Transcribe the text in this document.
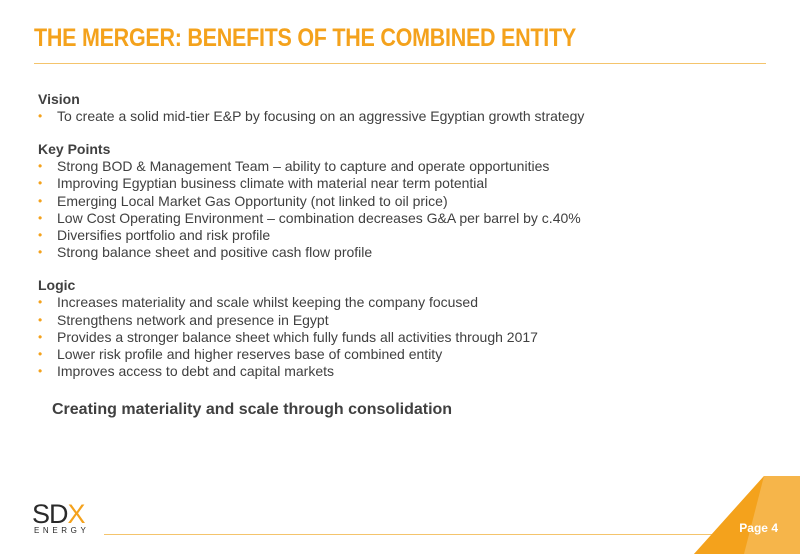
THE MERGER: BENEFITS OF THE COMBINED ENTITY
Vision
• To create a solid mid-tier E&P by focusing on an aggressive Egyptian growth strategy
Key Points
• Strong BOD & Management Team – ability to capture and operate opportunities
• Improving Egyptian business climate with material near term potential
• Emerging Local Market Gas Opportunity (not linked to oil price)
• Low Cost Operating Environment – combination decreases G&A per barrel by c.40%
• Diversifies portfolio and risk profile
• Strong balance sheet and positive cash flow profile
Logic
• Increases materiality and scale whilst keeping the company focused
• Strengthens network and presence in Egypt
• Provides a stronger balance sheet which fully funds all activities through 2017
• Lower risk profile and higher reserves base of combined entity
• Improves access to debt and capital markets
Creating materiality and scale through consolidation
SDX
ENERGY	Page 4
